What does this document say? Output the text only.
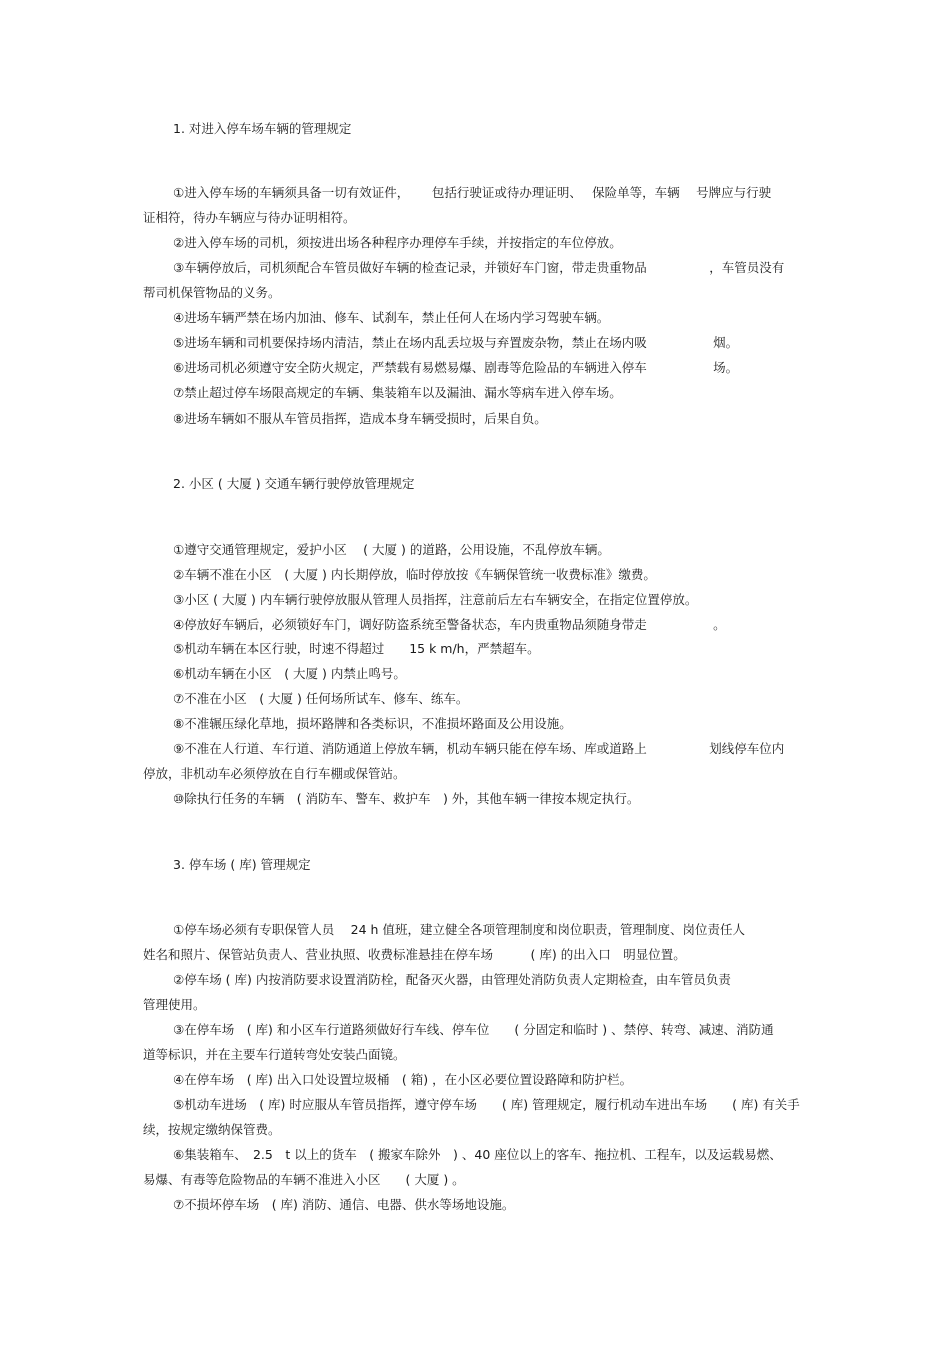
1. 对进入停车场车辆的管理规定
①进入停车场的车辆须具备一切有效证件，　　 包括行驶证或待办理证明、　 保险单等，车辆　 号牌应与行驶
证相符，待办车辆应与待办证明相符。
②进入停车场的司机，须按进出场各种程序办理停车手续，并按指定的车位停放。
③车辆停放后，司机须配合车管员做好车辆的检查记录，并锁好车门窗，带走贵重物品　　　　　，车管员没有
帮司机保管物品的义务。
④进场车辆严禁在场内加油、修车、试刹车，禁止任何人在场内学习驾驶车辆。
⑤进场车辆和司机要保持场内清洁，禁止在场内乱丢垃圾与弃置废杂物，禁止在场内吸　　　　　 烟。
⑥进场司机必须遵守安全防火规定，严禁载有易燃易爆、剧毒等危险品的车辆进入停车　　　　　 场。
⑦禁止超过停车场限高规定的车辆、集装箱车以及漏油、漏水等病车进入停车场。
⑧进场车辆如不服从车管员指挥，造成本身车辆受损时，后果自负。
2. 小区 ( 大厦 ) 交通车辆行驶停放管理规定
①遵守交通管理规定，爱护小区　 ( 大厦 ) 的道路，公用设施，不乱停放车辆。
②车辆不准在小区　( 大厦 ) 内长期停放，临时停放按《车辆保管统一收费标准》缴费。
③小区 ( 大厦 ) 内车辆行驶停放服从管理人员指挥，注意前后左右车辆安全，在指定位置停放。
④停放好车辆后，必须锁好车门，调好防盗系统至警备状态，车内贵重物品须随身带走　　　　　 。
⑤机动车辆在本区行驶，时速不得超过　　15 k m/h，严禁超车。
⑥机动车辆在小区　( 大厦 ) 内禁止鸣号。
⑦不准在小区　( 大厦 ) 任何场所试车、修车、练车。
⑧不准辗压绿化草地，损坏路牌和各类标识，不准损坏路面及公用设施。
⑨不准在人行道、车行道、消防通道上停放车辆，机动车辆只能在停车场、库或道路上　　　　　划线停车位内
停放，非机动车必须停放在自行车棚或保管站。
⑩除执行任务的车辆　( 消防车、警车、救护车　) 外，其他车辆一律按本规定执行。
3. 停车场 ( 库) 管理规定
①停车场必须有专职保管人员　 24 h 值班，建立健全各项管理制度和岗位职责，管理制度、岗位责任人
姓名和照片、保管站负责人、营业执照、收费标准悬挂在停车场　　　( 库) 的出入口　明显位置。
②停车场 ( 库) 内按消防要求设置消防栓，配备灭火器，由管理处消防负责人定期检查，由车管员负责
管理使用。
③在停车场　( 库) 和小区车行道路须做好行车线、停车位　　( 分固定和临时 ) 、禁停、转弯、减速、消防通
道等标识，并在主要车行道转弯处安装凸面镜。
④在停车场　( 库) 出入口处设置垃圾桶　( 箱) ，在小区必要位置设路障和防护栏。
⑤机动车进场　( 库) 时应服从车管员指挥，遵守停车场　　( 库) 管理规定，履行机动车进出车场　　( 库) 有关手
续，按规定缴纳保管费。
⑥集装箱车、　2.5　t 以上的货车　( 搬家车除外　) 、40 座位以上的客车、拖拉机、工程车，以及运载易燃、
易爆、有毒等危险物品的车辆不准进入小区　　( 大厦 ) 。
⑦不损坏停车场　( 库) 消防、通信、电器、供水等场地设施。
